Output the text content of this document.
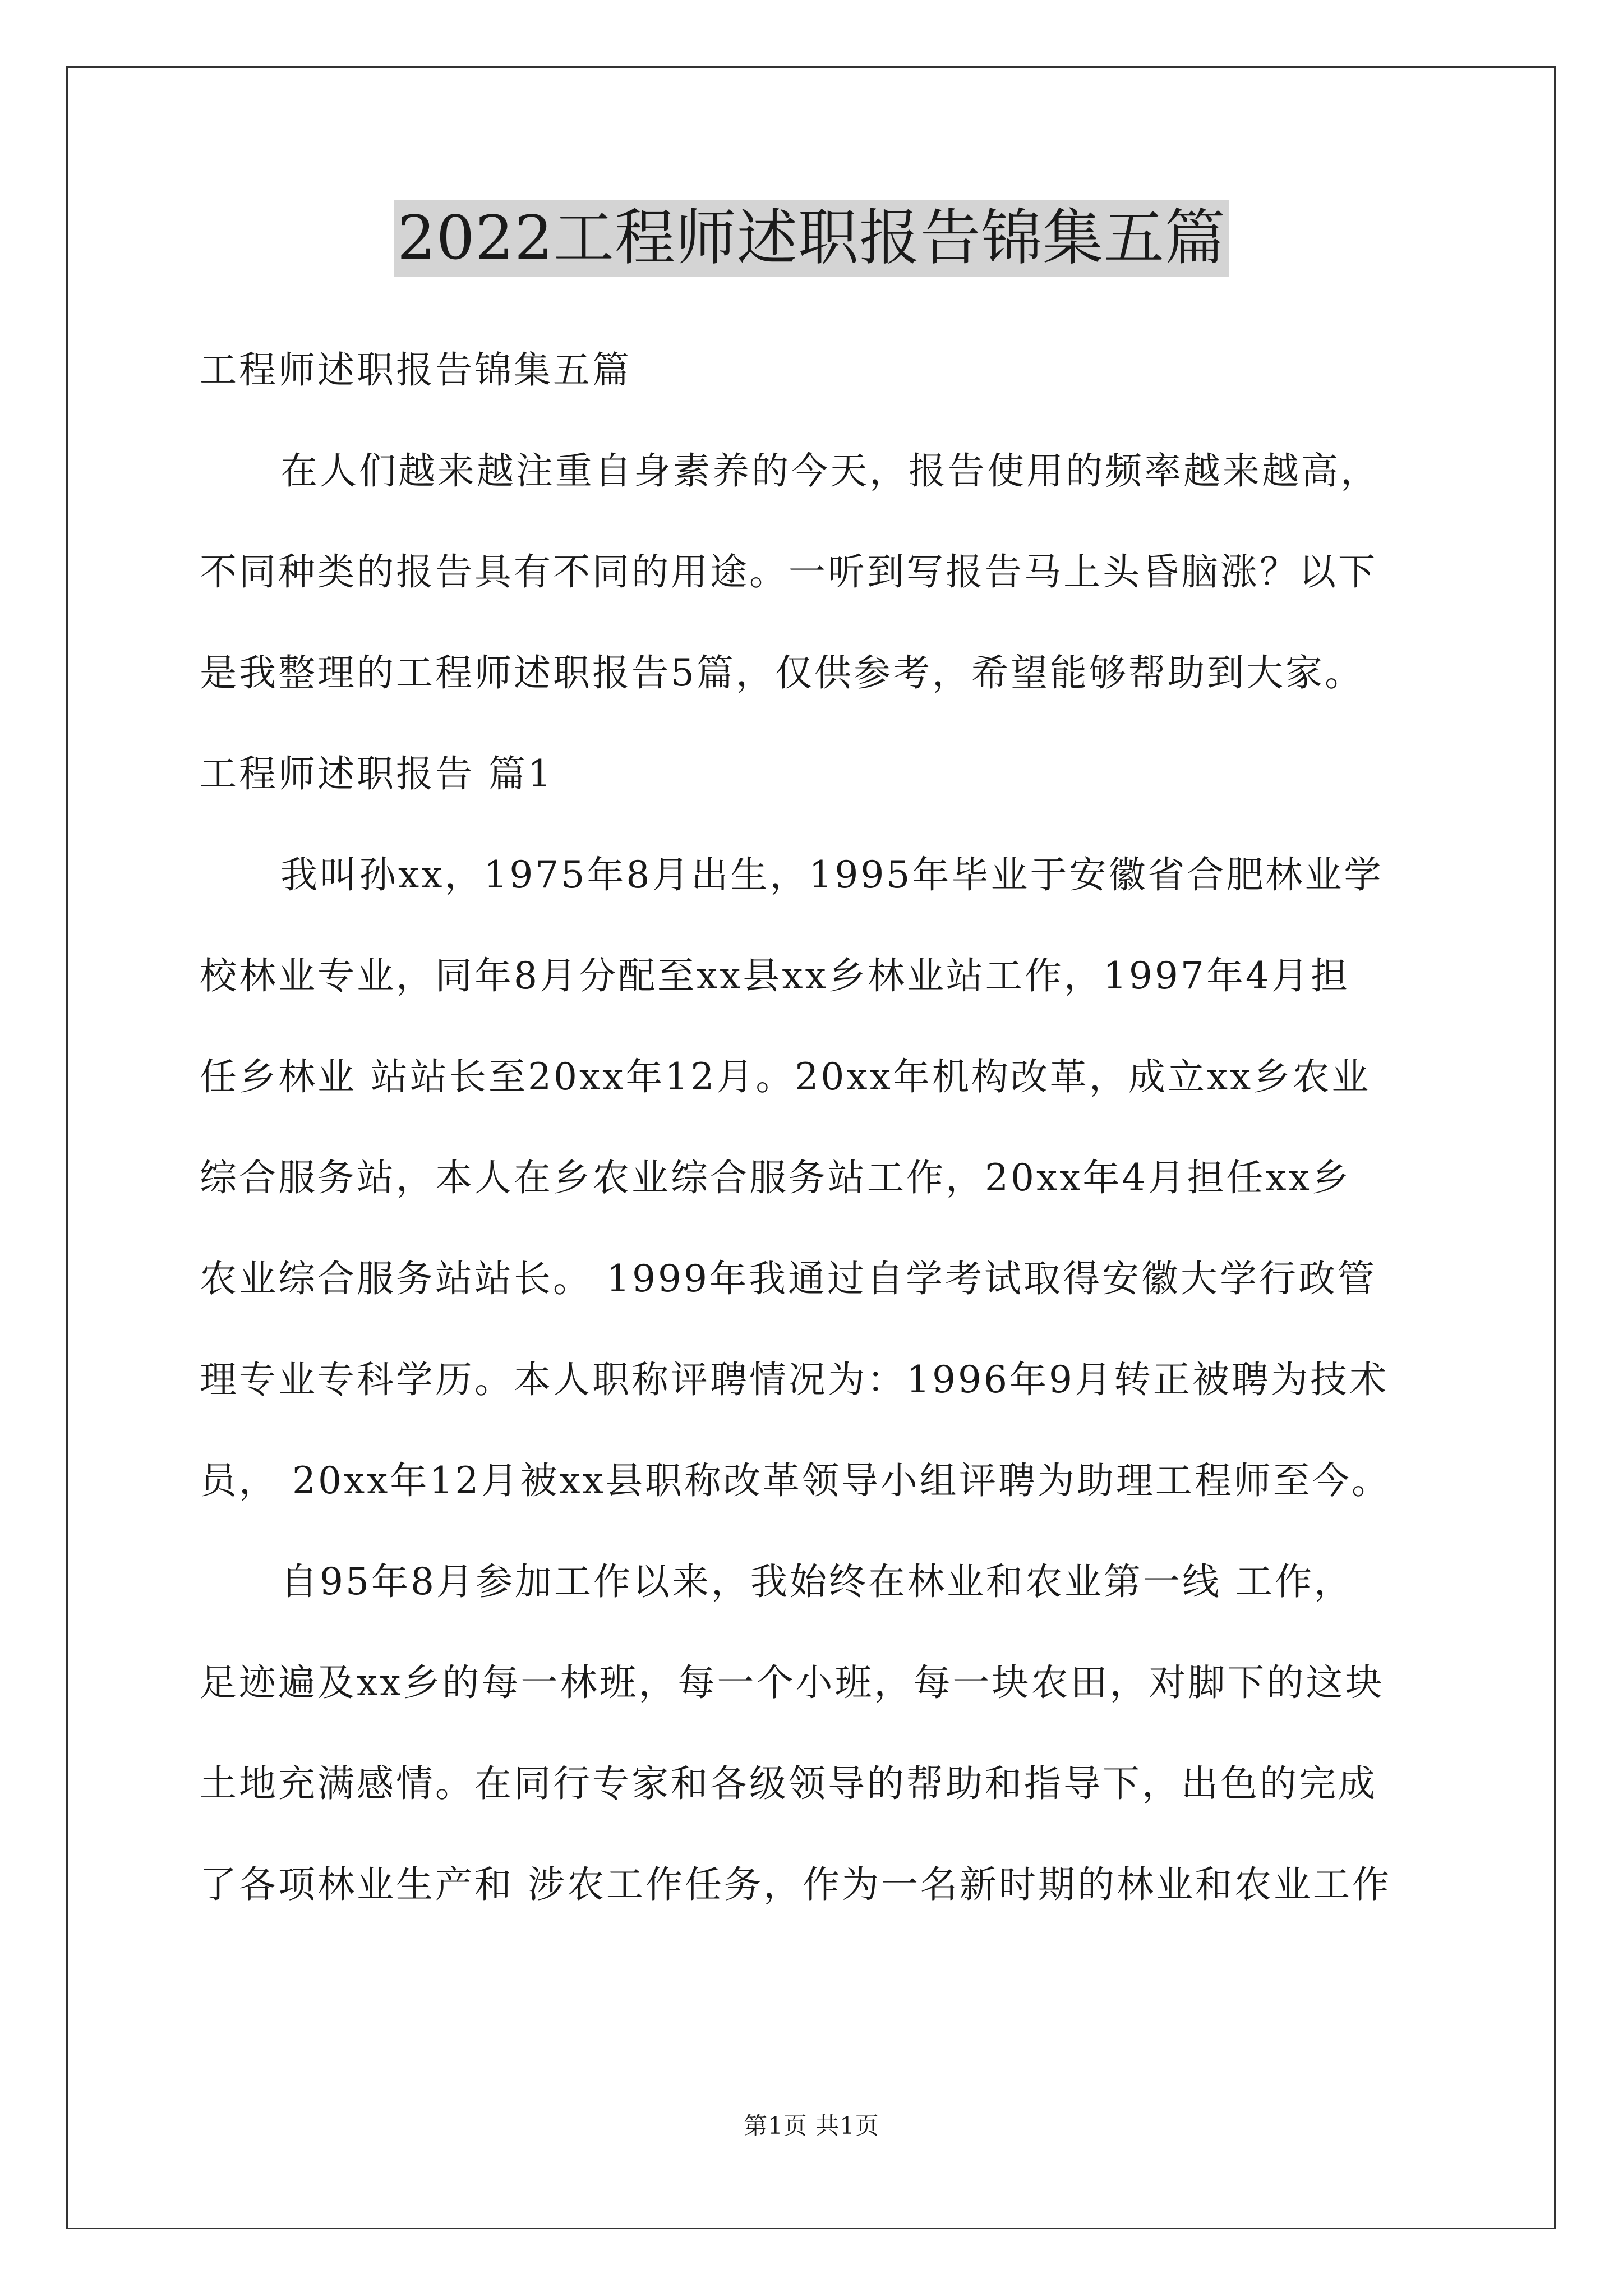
2022工程师述职报告锦集五篇
工程师述职报告锦集五篇
在人们越来越注重自身素养的今天，报告使用的频率越来越高，
不同种类的报告具有不同的用途。一听到写报告马上头昏脑涨？以下
是我整理的工程师述职报告5篇，仅供参考，希望能够帮助到大家。
工程师述职报告 篇1
我叫孙xx，1975年8月出生，1995年毕业于安徽省合肥林业学
校林业专业，同年8月分配至xx县xx乡林业站工作，1997年4月担
任乡林业 站站长至20xx年12月。20xx年机构改革，成立xx乡农业
综合服务站，本人在乡农业综合服务站工作，20xx年4月担任xx乡
农业综合服务站站长。 1999年我通过自学考试取得安徽大学行政管
理专业专科学历。本人职称评聘情况为：1996年9月转正被聘为技术
员， 20xx年12月被xx县职称改革领导小组评聘为助理工程师至今。
自95年8月参加工作以来，我始终在林业和农业第一线 工作，
足迹遍及xx乡的每一林班，每一个小班，每一块农田，对脚下的这块
土地充满感情。在同行专家和各级领导的帮助和指导下，出色的完成
了各项林业生产和 涉农工作任务，作为一名新时期的林业和农业工作
第1页 共1页
